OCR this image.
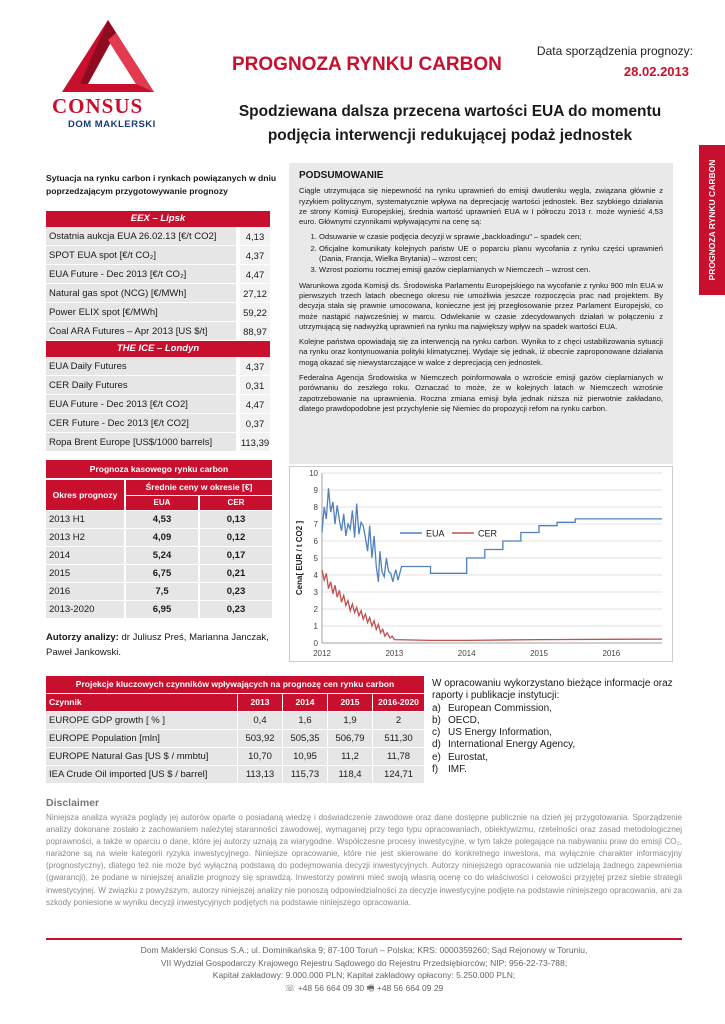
CONSUS
DOM MAKLERSKI
PROGNOZA RYNKU CARBON
Data sporządzenia prognozy:
28.02.2013
Spodziewana dalsza przecena wartości EUA do momentu
podjęcia interwencji redukującej podaż jednostek
PROGNOZA RYNKU CARBON
Sytuacja na rynku carbon i rynkach powiązanych w dniu poprzedzającym przygotowywanie prognozy
EEX – Lipsk
Ostatnia aukcja EUA 26.02.13 [€/t CO2]	4,13
SPOT EUA spot [€/t CO₂]	4,37
EUA Future - Dec 2013 [€/t CO₂]	4,47
Natural gas spot (NCG) [€/MWh]	27,12
Power ELIX spot [€/MWh]	59,22
Coal ARA Futures – Apr 2013 [US $/t]	88,97
THE ICE – Londyn
EUA Daily Futures	4,37
CER Daily Futures	0,31
EUA Future - Dec 2013 [€/t CO2]	4,47
CER Future - Dec 2013 [€/t CO2]	0,37
Ropa Brent Europe [US$/1000 barrels]	113,39
Prognoza kasowego rynku carbon
Okres prognozy
Średnie ceny w okresie [€]
EUA	CER
2013 H1	4,53	0,13
2013 H2	4,09	0,12
2014	5,24	0,17
2015	6,75	0,21
2016	7,5	0,23
2013-2020	6,95	0,23
Autorzy analizy: dr Juliusz Preś, Marianna Janczak, Paweł Jankowski.
PODSUMOWANIE

Ciągle utrzymująca się niepewność na rynku uprawnień do emisji dwutlenku węgla, związana głównie z ryzykiem politycznym, systematycznie wpływa na deprecjację wartości jednostek. Bez szybkiego działania ze strony Komisji Europejskiej, średnia wartość uprawnień EUA w I półroczu 2013 r. może wynieść 4,53 euro. Głównymi czynnikami wpływającymi na cenę są:

1. Odsuwanie w czasie podjęcia decyzji w sprawie „backloadingu" – spadek cen;
2. Oficjalne komunikaty kolejnych państw UE o poparciu planu wycofania z rynku części uprawnień (Dania, Francja, Wielka Brytania) – wzrost cen;
3. Wzrost poziomu rocznej emisji gazów cieplarnianych w Niemczech – wzrost cen.

Warunkowa zgoda Komisji ds. Środowiska Parlamentu Europejskiego na wycofanie z rynku 900 mln EUA w pierwszych trzech latach obecnego okresu nie umożliwia jeszcze rozpoczęcia prac nad projektem. By decyzja stała się prawnie umocowana, konieczne jest jej przegłosowanie przez Parlament Europejski, co może nastąpić najwcześniej w marcu. Odwlekanie w czasie zdecydowanych działań w połączeniu z utrzymującą się nadwyżką uprawnień na rynku ma największy wpływ na spadek wartości EUA.

Kolejne państwa opowiadają się za interwencją na rynku carbon. Wynika to z chęci ustabilizowania sytuacji na rynku oraz kontynuowania polityki klimatycznej. Wydaje się jednak, iż obecnie zaproponowane działania mogą okazać się niewystarczające w walce z deprecjacją cen jednostek.

Federalna Agencja Środowiska w Niemczech poinformowała o wzroście emisji gazów cieplarnianych w porównaniu do zeszłego roku. Oznaczać to może, że w kolejnych latach w Niemczech wzrośnie zapotrzebowanie na uprawnienia. Roczna zmiana emisji była jednak niższa niż pierwotnie zakładano, dlatego prawdopodobne jest przychylenie się Niemiec do propozycji refom na rynku carbon.

0
1
2
3
4
5
6
7
8
9
10
2012	2013	2014	2015	2016
Cena[ EUR / t CO2 ]	EUA	CER
Projekcje kluczowych czynników wpływających na prognozę cen rynku carbon
Czynnik	2013	2014	2015	2016-2020
EUROPE GDP growth [ % ]	0,4	1,6	1,9	2
EUROPE Population [mln]	503,92	505,35	506,79	511,30
EUROPE Natural Gas [US $ / mmbtu]	10,70	10,95	11,2	11,78
IEA Crude Oil imported [US $ / barrel]	113,13	115,73	118,4	124,71
W opracowaniu wykorzystano bieżące informacje oraz raporty i publikacje instytucji:
a) European Commission,
b) OECD,
c) US Energy Information,
d) International Energy Agency,
e) Eurostat,
f) IMF.
Disclaimer
Niniejsza analiza wyraża poglądy jej autorów oparte o posiadaną wiedzę i doświadczenie zawodowe oraz dane dostępne publicznie na dzień jej przygotowania. Sporządzenie analizy dokonane zostało z zachowaniem należytej staranności zawodowej, wymaganej przy tego typu opracowaniach, obiektywizmu, rzetelności oraz zasad metodologicznej poprawności, a także w oparciu o dane, które jej autorzy uznają za wiarygodne. Współczesne procesy inwestycyjne, w tym także polegające na nabywaniu praw do emisji CO₂, narażone są na wiele kategorii ryzyka inwestycyjnego. Niniejsze opracowanie, które nie jest skierowane do konkretnego inwestora, ma wyłącznie charakter informacyjny (prognostyczny), dlatego też nie może być wyłączną podstawą do podejmowania decyzji inwestycyjnych. Autorzy niniejszego opracowania nie udzielają żadnego zapewnienia (gwarancji), że podane w niniejszej analizie prognozy się sprawdzą. Inwestorzy powinni mieć swoją własną ocenę co do właściwości i celowości przyjętej przez siebie strategii inwestycyjnej. W związku z powyższym, autorzy niniejszej analizy nie ponoszą odpowiedzialności za decyzje inwestycyjne podjęte na podstawie niniejszego opracowania, ani za szkody poniesione w wyniku decyzji inwestycyjnych podjętych na podstawie niniejszego opracowania.
Dom Maklerski Consus S.A.; ul. Dominikańska 9; 87-100 Toruń – Polska; KRS: 0000359260; Sąd Rejonowy w Toruniu,
VII Wydział Gospodarczy Krajowego Rejestru Sądowego do Rejestru Przedsiębiorców; NIP: 956-22-73-788;
Kapitał zakładowy: 9.000.000 PLN; Kapitał zakładowy opłacony: 5.250.000 PLN;
☏ +48 56 664 09 30 🖷 +48 56 664 09 29
